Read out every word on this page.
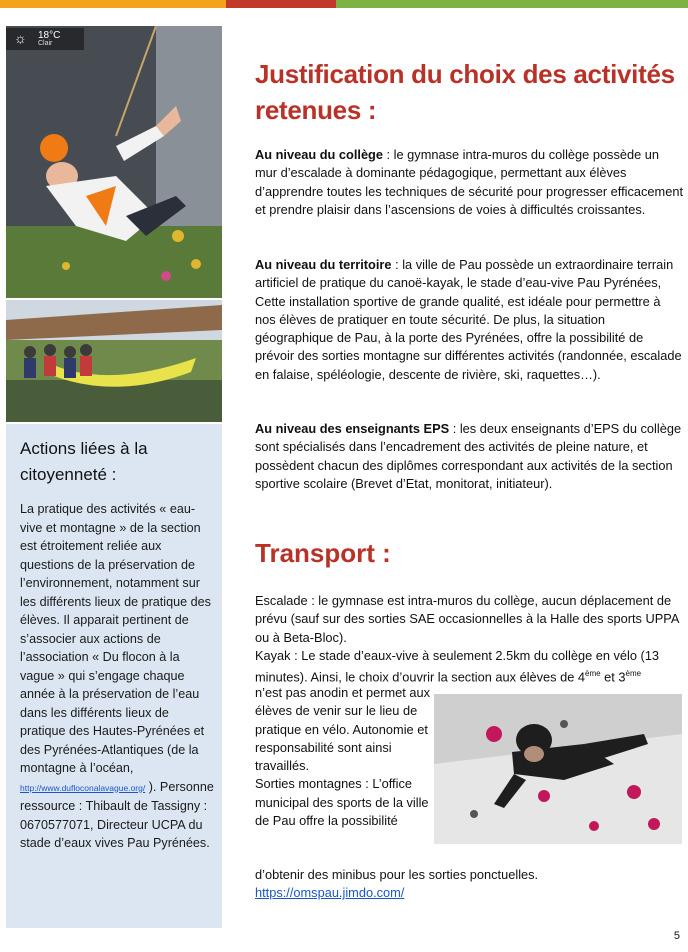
☼ 18°C
Clair
Actions liées à la citoyenneté :
La pratique des activités « eau-vive et montagne » de la section est étroitement reliée aux questions de la préservation de l’environnement, notamment sur les différents lieux de pratique des élèves. Il apparait pertinent de s’associer aux actions de l’association « Du flocon à la vague » qui s’engage chaque année à la préservation de l’eau dans les différents lieux de pratique des Hautes-Pyrénées et des Pyrénées-Atlantiques (de la montagne à l’océan,
http://www.dufloconalavague.org/ ). Personne ressource : Thibault de Tassigny : 0670577071, Directeur UCPA du stade d’eaux vives Pau Pyrénées.
Justification du choix des activités retenues :
Au niveau du collège : le gymnase intra-muros du collège possède un mur d’escalade à dominante pédagogique, permettant aux élèves d’apprendre toutes les techniques de sécurité pour progresser efficacement et prendre plaisir dans l’ascensions de voies à difficultés croissantes.
Au niveau du territoire : la ville de Pau possède un extraordinaire terrain artificiel de pratique du canoë-kayak, le stade d’eau-vive Pau Pyrénées, Cette installation sportive de grande qualité, est idéale pour permettre à nos élèves de pratiquer en toute sécurité. De plus, la situation géographique de Pau, à la porte des Pyrénées, offre la possibilité de prévoir des sorties montagne sur différentes activités (randonnée, escalade en falaise, spéléologie, descente de rivière, ski, raquettes…).
Au niveau des enseignants EPS : les deux enseignants d’EPS du collège sont spécialisés dans l’encadrement des activités de pleine nature, et possèdent chacun des diplômes correspondant aux activités de la section sportive scolaire (Brevet d’Etat, monitorat, initiateur).
Transport :
Escalade : le gymnase est intra-muros du collège, aucun déplacement de prévu (sauf sur des sorties SAE occasionnelles à la Halle des sports UPPA ou à Beta-Bloc).
Kayak : Le stade d’eaux-vive à seulement 2.5km du collège en vélo (13 minutes). Ainsi, le choix d’ouvrir la section aux élèves de 4ème et 3ème
n’est pas anodin et permet aux élèves de venir sur le lieu de pratique en vélo. Autonomie et responsabilité sont ainsi travaillés.
Sorties montagnes : L’office municipal des sports de la ville de Pau offre la possibilité
d’obtenir des minibus pour les sorties ponctuelles.
https://omspau.jimdo.com/
5
